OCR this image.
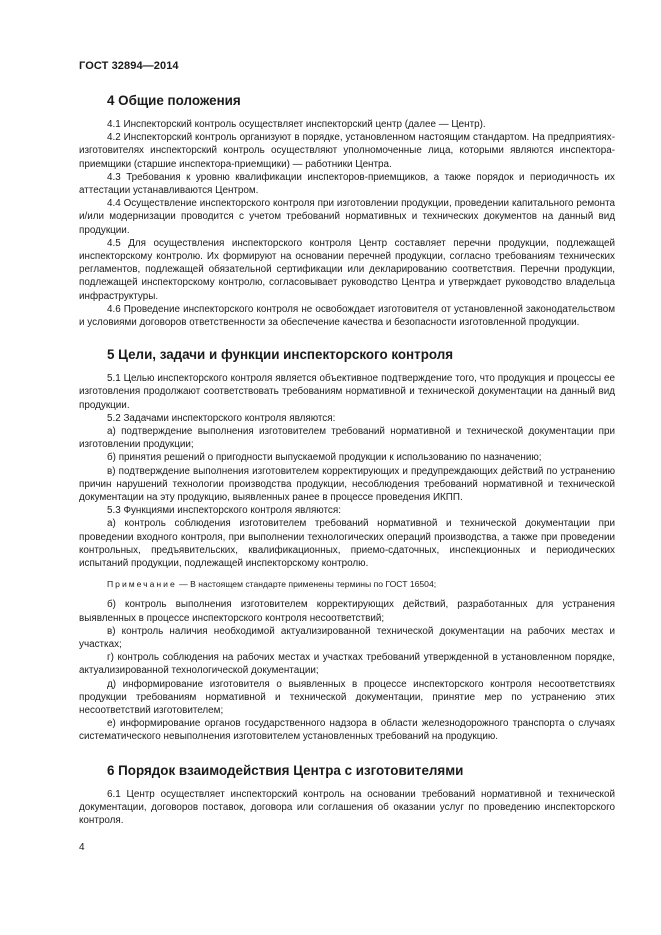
ГОСТ 32894—2014
4 Общие положения

4.1 Инспекторский контроль осуществляет инспекторский центр (далее — Центр).

4.2 Инспекторский контроль организуют в порядке, установленном настоящим стандартом. На предприятиях-изготовителях инспекторский контроль осуществляют уполномоченные лица, которыми являются инспектора-приемщики (старшие инспектора-приемщики) — работники Центра.

4.3 Требования к уровню квалификации инспекторов-приемщиков, а также порядок и периодичность их аттестации устанавливаются Центром.

4.4 Осуществление инспекторского контроля при изготовлении продукции, проведении капитального ремонта и/или модернизации проводится с учетом требований нормативных и технических документов на данный вид продукции.

4.5 Для осуществления инспекторского контроля Центр составляет перечни продукции, подлежащей инспекторскому контролю. Их формируют на основании перечней продукции, согласно требованиям технических регламентов, подлежащей обязательной сертификации или декларированию соответствия. Перечни продукции, подлежащей инспекторскому контролю, согласовывает руководство Центра и утверждает руководство владельца инфраструктуры.

4.6 Проведение инспекторского контроля не освобождает изготовителя от установленной законодательством и условиями договоров ответственности за обеспечение качества и безопасности изготовленной продукции.

5 Цели, задачи и функции инспекторского контроля

5.1 Целью инспекторского контроля является объективное подтверждение того, что продукция и процессы ее изготовления продолжают соответствовать требованиям нормативной и технической документации на данный вид продукции.

5.2 Задачами инспекторского контроля являются:

а) подтверждение выполнения изготовителем требований нормативной и технической документации при изготовлении продукции;

б) принятия решений о пригодности выпускаемой продукции к использованию по назначению;

в) подтверждение выполнения изготовителем корректирующих и предупреждающих действий по устранению причин нарушений технологии производства продукции, несоблюдения требований нормативной и технической документации на эту продукцию, выявленных ранее в процессе проведения ИКПП.

5.3 Функциями инспекторского контроля являются:

а) контроль соблюдения изготовителем требований нормативной и технической документации при проведении входного контроля, при выполнении технологических операций производства, а также при проведении контрольных, предъявительских, квалификационных, приемо-сдаточных, инспекционных и периодических испытаний продукции, подлежащей инспекторскому контролю.

Примечание — В настоящем стандарте применены термины по ГОСТ 16504;

б) контроль выполнения изготовителем корректирующих действий, разработанных для устранения выявленных в процессе инспекторского контроля несоответствий;

в) контроль наличия необходимой актуализированной технической документации на рабочих местах и участках;

г) контроль соблюдения на рабочих местах и участках требований утвержденной в установленном порядке, актуализированной технологической документации;

д) информирование изготовителя о выявленных в процессе инспекторского контроля несоответствиях продукции требованиям нормативной и технической документации, принятие мер по устранению этих несоответствий изготовителем;

е) информирование органов государственного надзора в области железнодорожного транспорта о случаях систематического невыполнения изготовителем установленных требований на продукцию.

6 Порядок взаимодействия Центра с изготовителями

6.1 Центр осуществляет инспекторский контроль на основании требований нормативной и технической документации, договоров поставок, договора или соглашения об оказании услуг по проведению инспекторского контроля.

4
